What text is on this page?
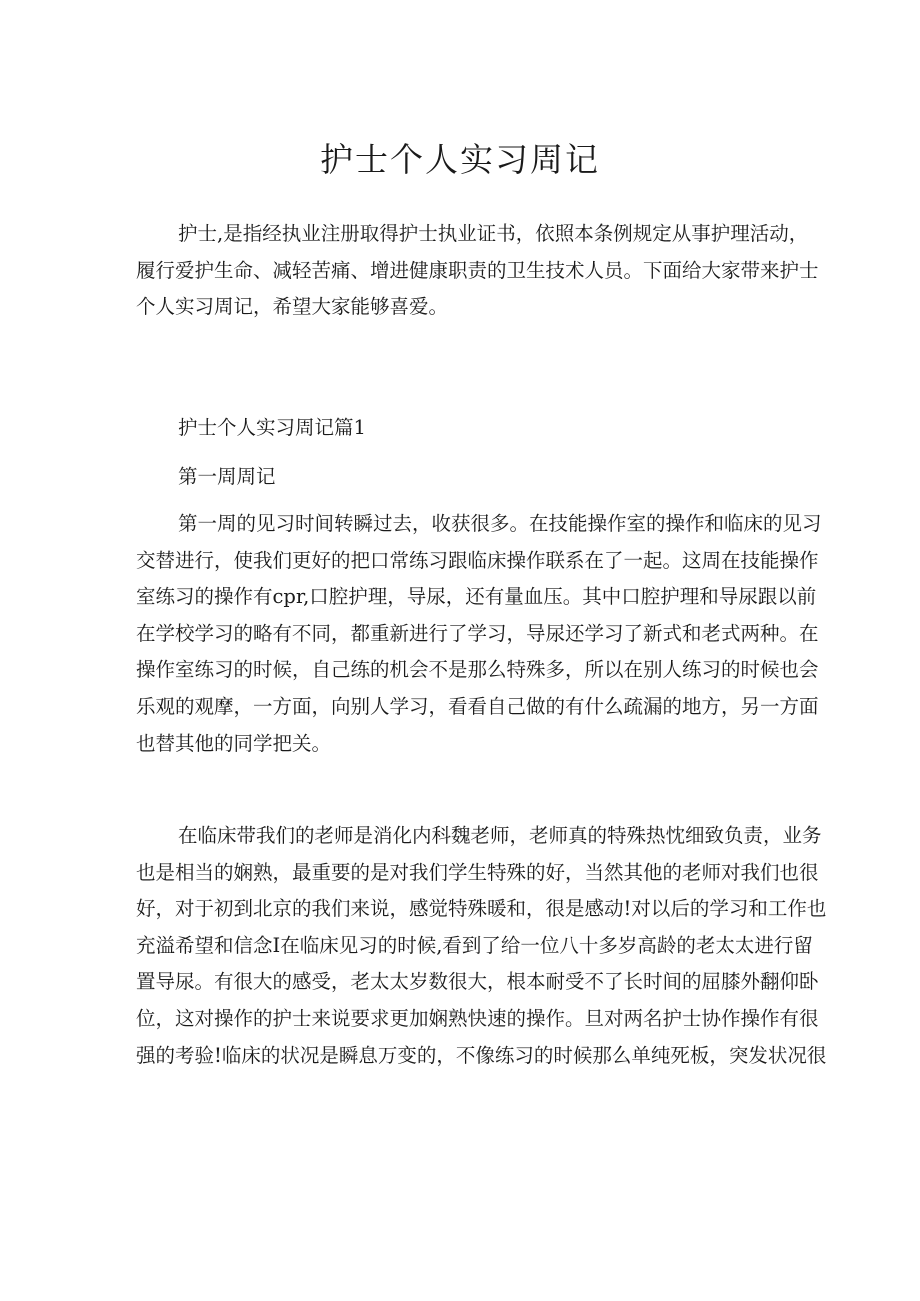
护士个人实习周记
护士,是指经执业注册取得护士执业证书，依照本条例规定从事护理活动，
履行爱护生命、减轻苦痛、增进健康职责的卫生技术人员。下面给大家带来护士
个人实习周记，希望大家能够喜爱。

护士个人实习周记篇1

第一周周记

第一周的见习时间转瞬过去，收获很多。在技能操作室的操作和临床的见习
交替进行，使我们更好的把口常练习跟临床操作联系在了一起。这周在技能操作
室练习的操作有cpr,口腔护理，导尿，还有量血压。其中口腔护理和导尿跟以前
在学校学习的略有不同，都重新进行了学习，导尿还学习了新式和老式两种。在
操作室练习的时候，自己练的机会不是那么特殊多，所以在别人练习的时候也会
乐观的观摩，一方面，向别人学习，看看自己做的有什么疏漏的地方，另一方面
也替其他的同学把关。
在临床带我们的老师是消化内科魏老师，老师真的特殊热忱细致负责，业务
也是相当的娴熟，最重要的是对我们学生特殊的好，当然其他的老师对我们也很
好，对于初到北京的我们来说，感觉特殊暖和，很是感动!对以后的学习和工作也
充溢希望和信念I在临床见习的时候,看到了给一位八十多岁高龄的老太太进行留
置导尿。有很大的感受，老太太岁数很大，根本耐受不了长时间的屈膝外翻仰卧
位，这对操作的护士来说要求更加娴熟快速的操作。旦对两名护士协作操作有很
强的考验!临床的状况是瞬息万变的，不像练习的时候那么单纯死板，突发状况很
